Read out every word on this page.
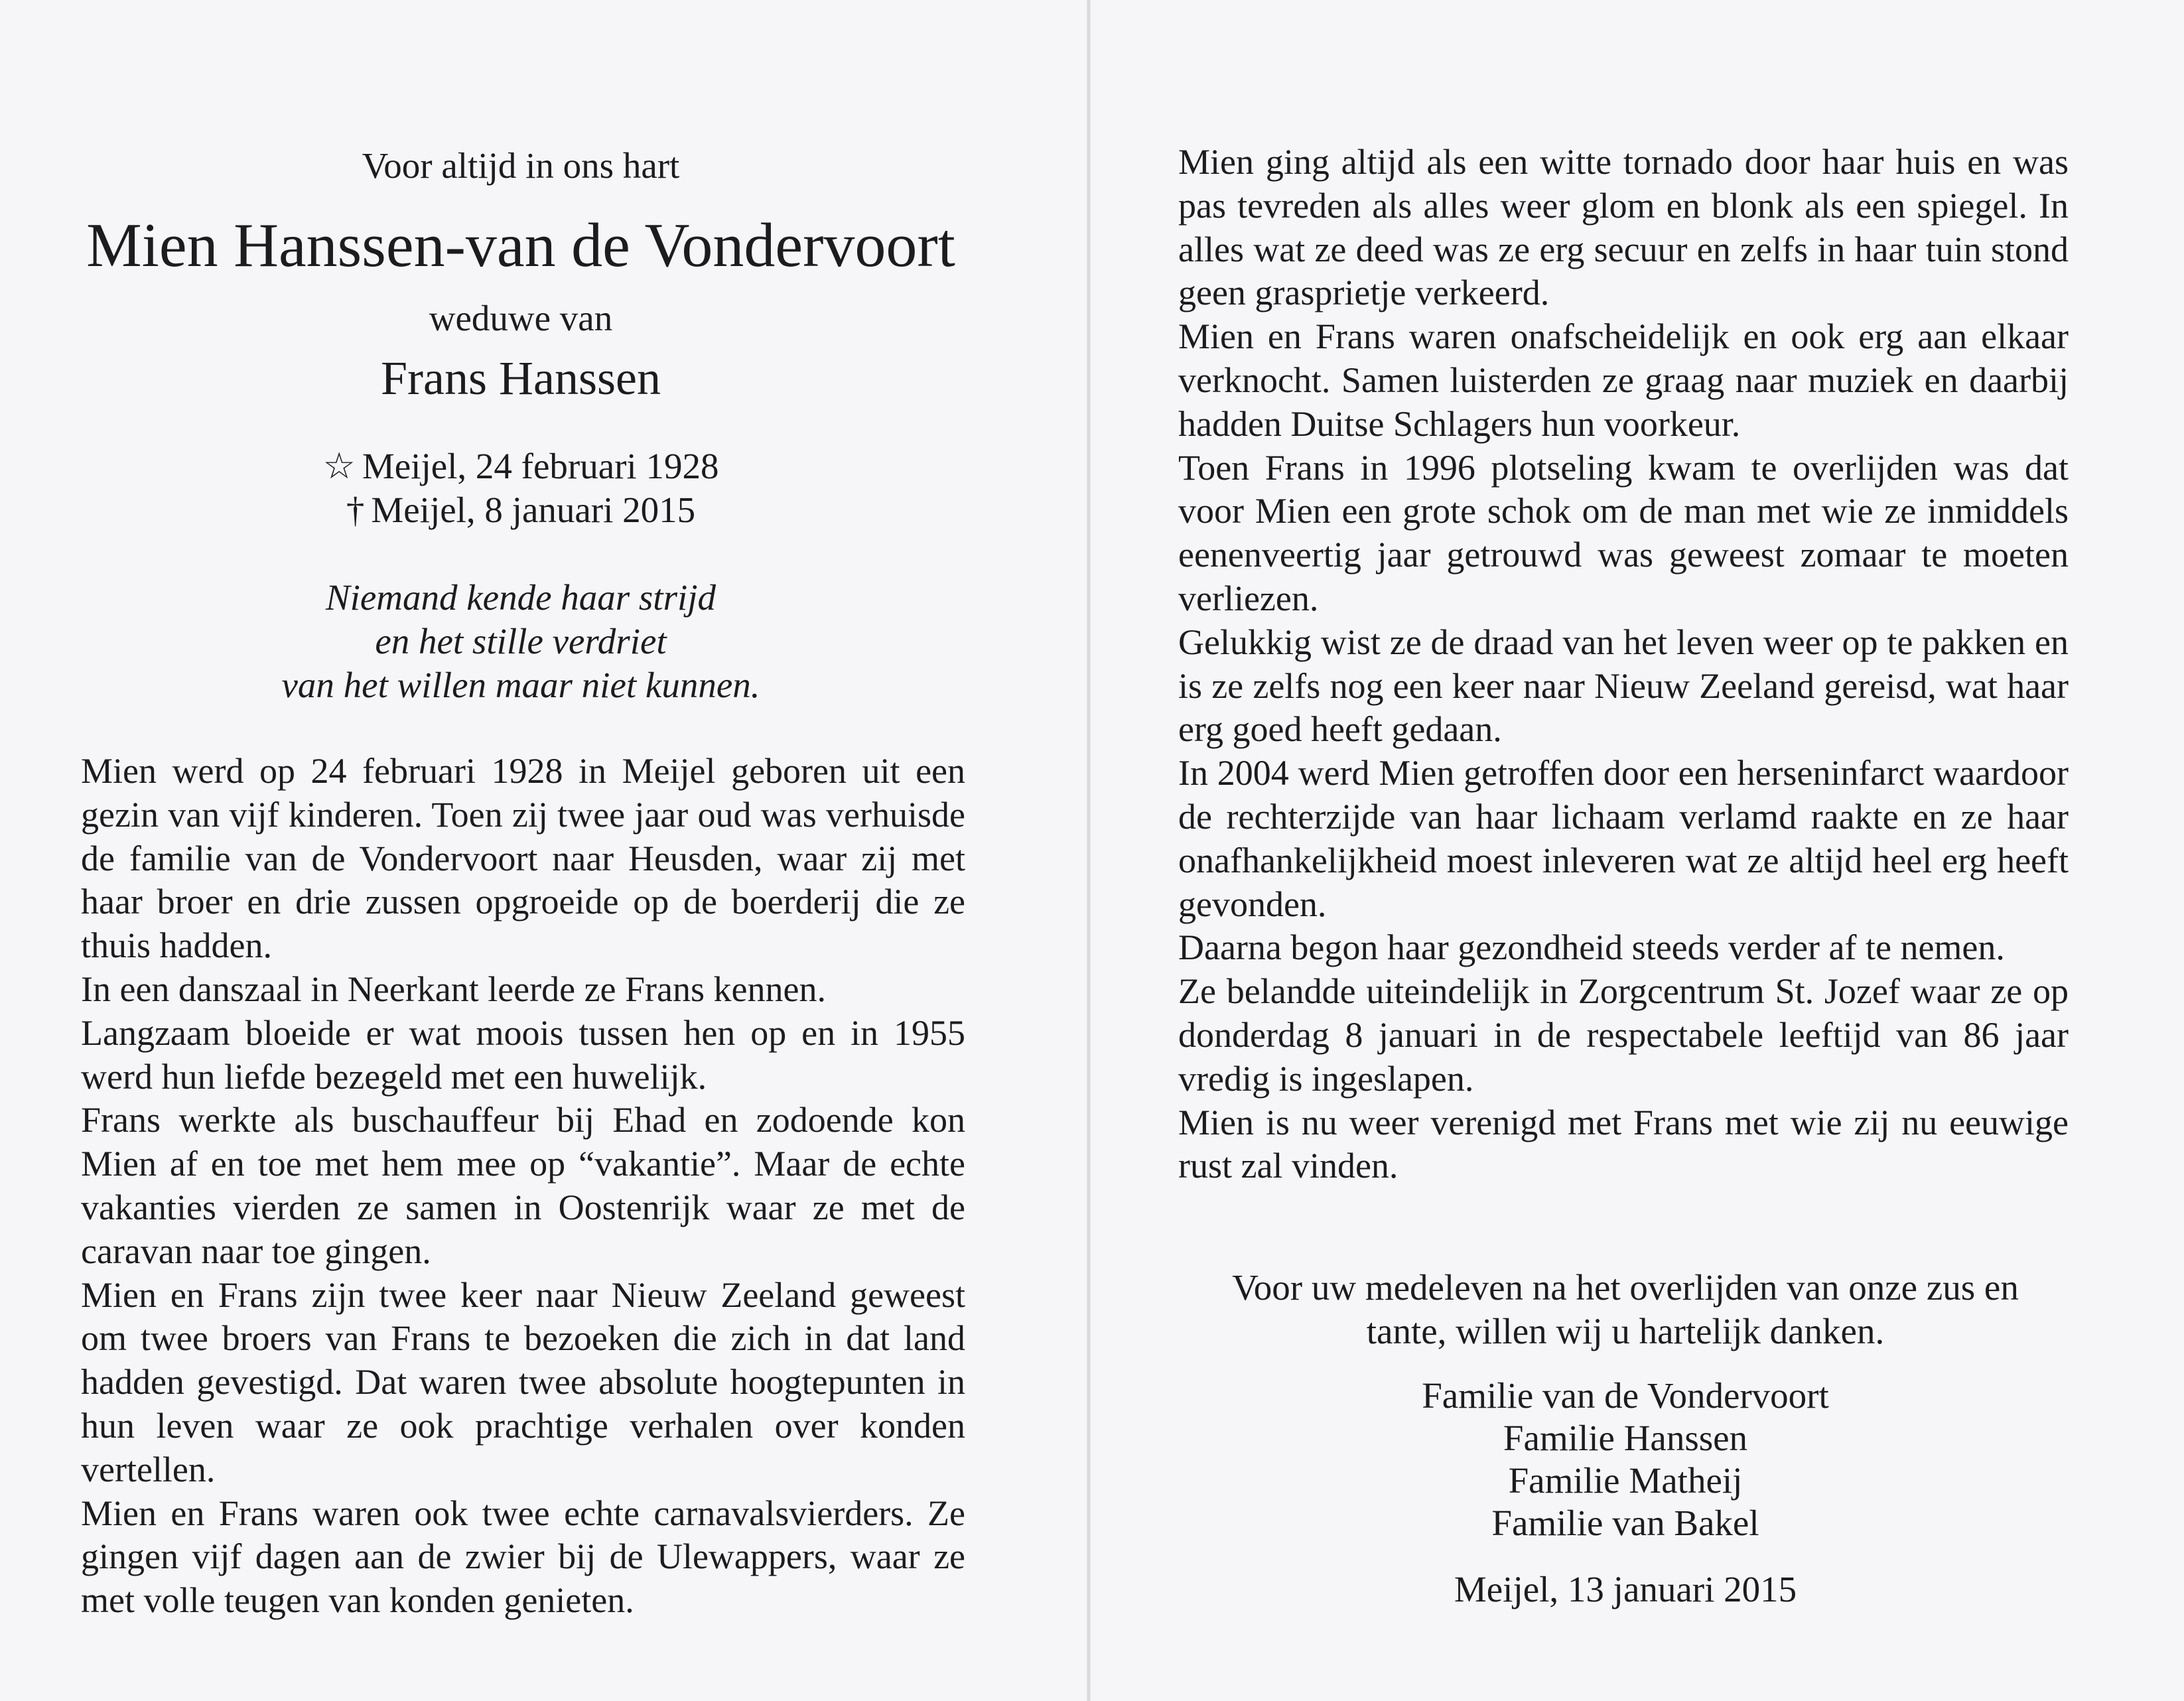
Voor altijd in ons hart
Mien Hanssen-van de Vondervoort
weduwe van
Frans Hanssen
☆ Meijel, 24 februari 1928
† Meijel, 8 januari 2015
Niemand kende haar strijd
en het stille verdriet
van het willen maar niet kunnen.
Mien werd op 24 februari 1928 in Meijel geboren uit een gezin van vijf kinderen. Toen zij twee jaar oud was verhuisde de familie van de Vondervoort naar Heusden, waar zij met haar broer en drie zussen opgroeide op de boerderij die ze thuis hadden.
In een danszaal in Neerkant leerde ze Frans kennen.
Langzaam bloeide er wat moois tussen hen op en in 1955 werd hun liefde bezegeld met een huwelijk.
Frans werkte als buschauffeur bij Ehad en zodoende kon Mien af en toe met hem mee op “vakantie”. Maar de echte vakanties vierden ze samen in Oostenrijk waar ze met de caravan naar toe gingen.
Mien en Frans zijn twee keer naar Nieuw Zeeland geweest om twee broers van Frans te bezoeken die zich in dat land hadden gevestigd. Dat waren twee absolute hoogtepunten in hun leven waar ze ook prachtige verhalen over konden vertellen.
Mien en Frans waren ook twee echte carnavalsvierders. Ze gingen vijf dagen aan de zwier bij de Ulewappers, waar ze met volle teugen van konden genieten.
Mien ging altijd als een witte tornado door haar huis en was pas tevreden als alles weer glom en blonk als een spiegel. In alles wat ze deed was ze erg secuur en zelfs in haar tuin stond geen grasprietje verkeerd.
Mien en Frans waren onafscheidelijk en ook erg aan elkaar verknocht. Samen luisterden ze graag naar muziek en daarbij hadden Duitse Schlagers hun voorkeur.
Toen Frans in 1996 plotseling kwam te overlijden was dat voor Mien een grote schok om de man met wie ze inmiddels eenenveertig jaar getrouwd was geweest zomaar te moeten verliezen.
Gelukkig wist ze de draad van het leven weer op te pakken en is ze zelfs nog een keer naar Nieuw Zeeland gereisd, wat haar erg goed heeft gedaan.
In 2004 werd Mien getroffen door een herseninfarct waardoor de rechterzijde van haar lichaam verlamd raakte en ze haar onafhankelijkheid moest inleveren wat ze altijd heel erg heeft gevonden.
Daarna begon haar gezondheid steeds verder af te nemen.
Ze belandde uiteindelijk in Zorgcentrum St. Jozef waar ze op donderdag 8 januari in de respectabele leeftijd van 86 jaar vredig is ingeslapen.
Mien is nu weer verenigd met Frans met wie zij nu eeuwige rust zal vinden.
Voor uw medeleven na het overlijden van onze zus en tante, willen wij u hartelijk danken.
Familie van de Vondervoort
Familie Hanssen
Familie Matheij
Familie van Bakel
Meijel, 13 januari 2015
